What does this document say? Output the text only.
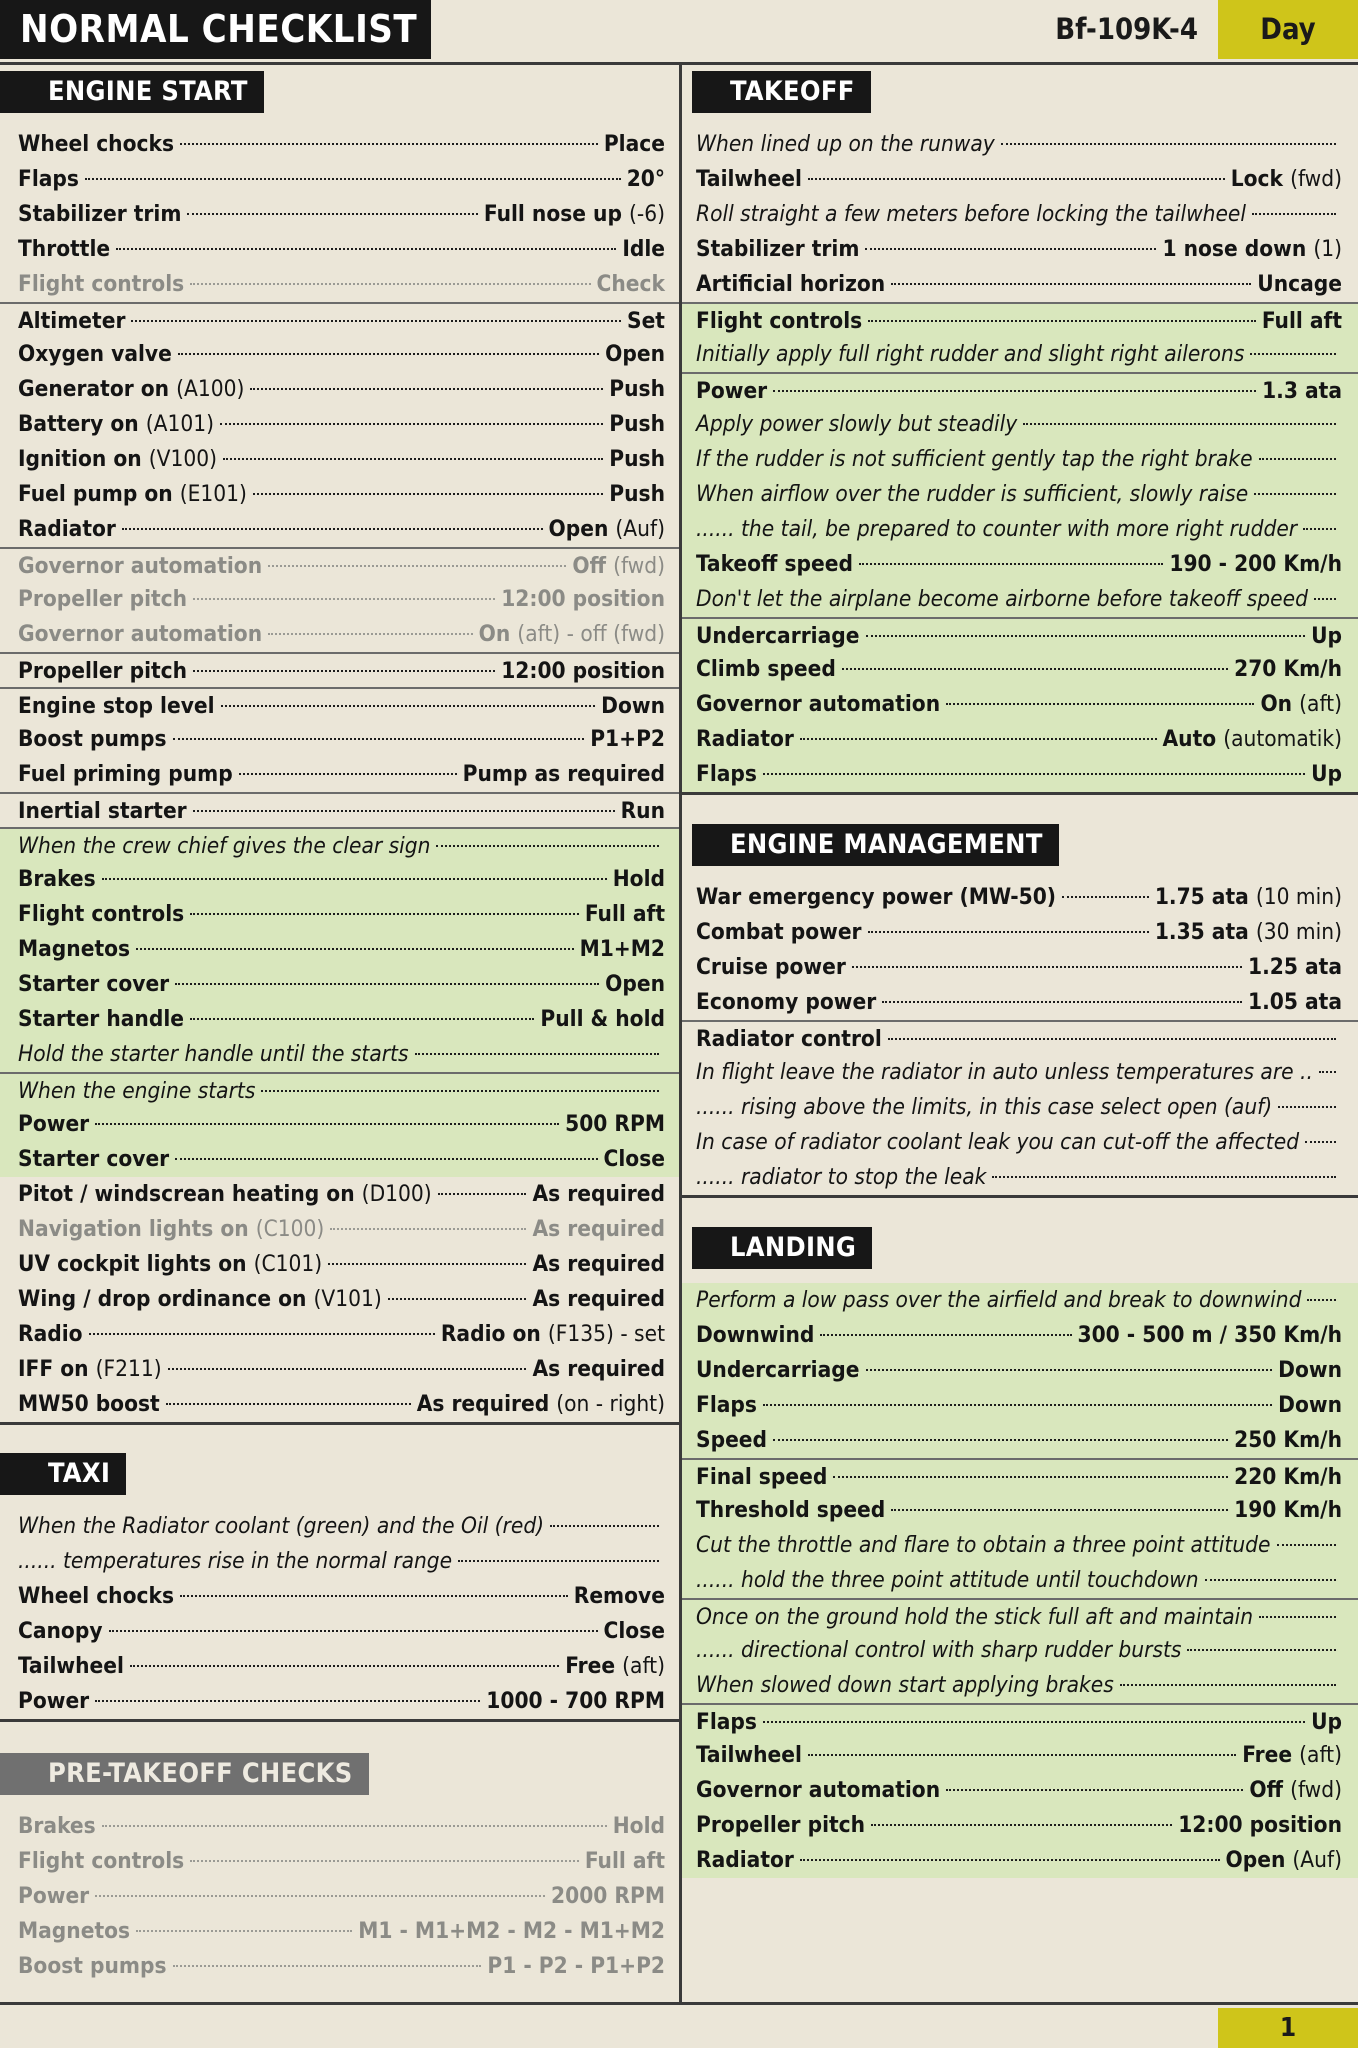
NORMAL CHECKLIST	Bf-109K-4	Day
ENGINE START
Wheel chocks	Place
Flaps	20°
Stabilizer trim	Full nose up (-6)
Throttle	Idle
Flight controls	Check
Altimeter	Set
Oxygen valve	Open
Generator on (A100)	Push
Battery on (A101)	Push
Ignition on (V100)	Push
Fuel pump on (E101)	Push
Radiator	Open (Auf)
Governor automation	Off (fwd)
Propeller pitch	12:00 position
Governor automation	On (aft) - off (fwd)
Propeller pitch	12:00 position
Engine stop level	Down
Boost pumps	P1+P2
Fuel priming pump	Pump as required
Inertial starter	Run
When the crew chief gives the clear sign
Brakes	Hold
Flight controls	Full aft
Magnetos	M1+M2
Starter cover	Open
Starter handle	Pull & hold
Hold the starter handle until the starts
When the engine starts
Power	500 RPM
Starter cover	Close
Pitot / windscrean heating on (D100)	As required
Navigation lights on (C100)	As required
UV cockpit lights on (C101)	As required
Wing / drop ordinance on (V101)	As required
Radio	Radio on (F135) - set
IFF on (F211)	As required
MW50 boost	As required (on - right)
TAXI
When the Radiator coolant (green) and the Oil (red)
...... temperatures rise in the normal range
Wheel chocks	Remove
Canopy	Close
Tailwheel	Free (aft)
Power	1000 - 700 RPM
PRE-TAKEOFF CHECKS
Brakes	Hold
Flight controls	Full aft
Power	2000 RPM
Magnetos	M1 - M1+M2 - M2 - M1+M2
Boost pumps	P1 - P2 - P1+P2
TAKEOFF
When lined up on the runway
Tailwheel	Lock (fwd)
Roll straight a few meters before locking the tailwheel
Stabilizer trim	1 nose down (1)
Artificial horizon	Uncage
Flight controls	Full aft
Initially apply full right rudder and slight right ailerons
Power	1.3 ata
Apply power slowly but steadily
If the rudder is not sufficient gently tap the right brake
When airflow over the rudder is sufficient, slowly raise
...... the tail, be prepared to counter with more right rudder
Takeoff speed	190 - 200 Km/h
Don't let the airplane become airborne before takeoff speed
Undercarriage	Up
Climb speed	270 Km/h
Governor automation	On (aft)
Radiator	Auto (automatik)
Flaps	Up
ENGINE MANAGEMENT
War emergency power (MW-50)	1.75 ata (10 min)
Combat power	1.35 ata (30 min)
Cruise power	1.25 ata
Economy power	1.05 ata
Radiator control
In flight leave the radiator in auto unless temperatures are ..
...... rising above the limits, in this case select open (auf)
In case of radiator coolant leak you can cut-off the affected
...... radiator to stop the leak
LANDING
Perform a low pass over the airfield and break to downwind
Downwind	300 - 500 m / 350 Km/h
Undercarriage	Down
Flaps	Down
Speed	250 Km/h
Final speed	220 Km/h
Threshold speed	190 Km/h
Cut the throttle and flare to obtain a three point attitude
...... hold the three point attitude until touchdown
Once on the ground hold the stick full aft and maintain
...... directional control with sharp rudder bursts
When slowed down start applying brakes
Flaps	Up
Tailwheel	Free (aft)
Governor automation	Off (fwd)
Propeller pitch	12:00 position
Radiator	Open (Auf)
1
